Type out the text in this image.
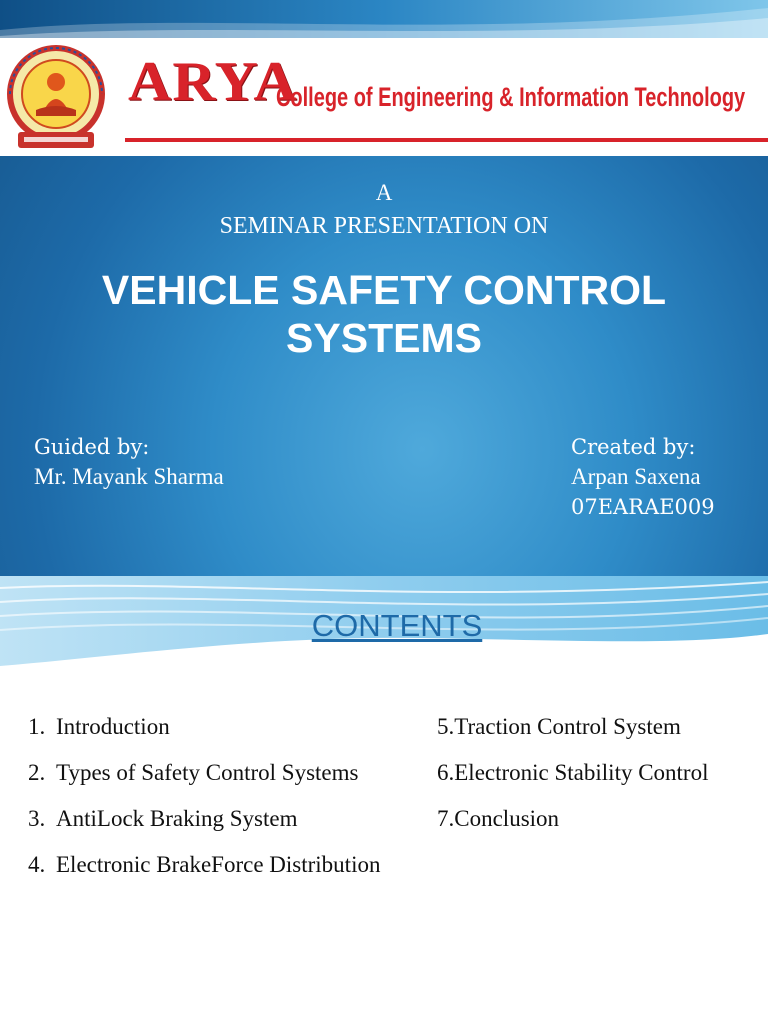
ARYA
College of Engineering & Information Technology
A
SEMINAR PRESENTATION ON
VEHICLE SAFETY CONTROL SYSTEMS
Guided by:
Mr. Mayank Sharma
Created by:
Arpan Saxena
07EARAE009
CONTENTS
1. Introduction
2. Types of Safety Control Systems
3. AntiLock Braking System
4. Electronic BrakeForce Distribution
5.Traction Control System
6.Electronic Stability Control
7.Conclusion
